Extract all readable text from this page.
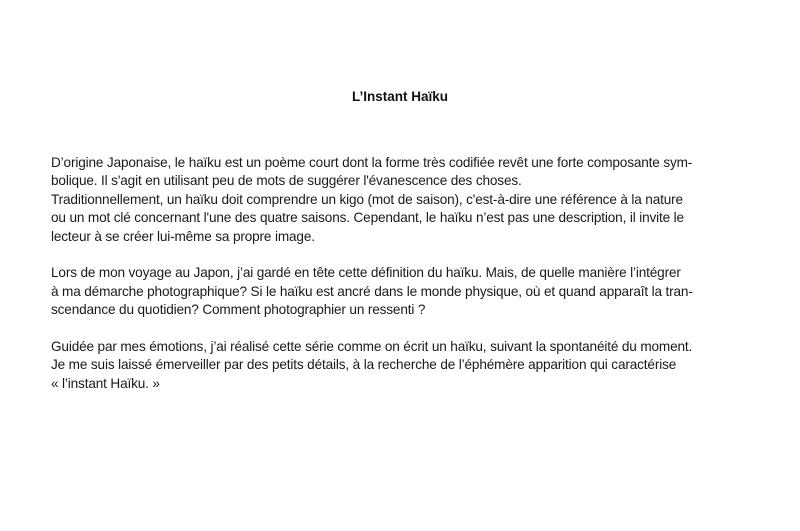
L’Instant Haïku
D’origine Japonaise, le haïku est un poème court dont la forme très codifiée revêt une forte composante sym-
bolique. Il s'agit en utilisant peu de mots de suggérer l'évanescence des choses.
Traditionnellement, un haïku doit comprendre un kigo (mot de saison), c'est-à-dire une référence à la nature
ou un mot clé concernant l'une des quatre saisons. Cependant, le haïku n’est pas une description, il invite le
lecteur à se créer lui-même sa propre image.
Lors de mon voyage au Japon, j’ai gardé en tête cette définition du haïku. Mais, de quelle manière l’intégrer
à ma démarche photographique? Si le haïku est ancré dans le monde physique, où et quand apparaît la tran-
scendance du quotidien? Comment photographier un ressenti ?
Guidée par mes émotions, j’ai réalisé cette série comme on écrit un haïku, suivant la spontanéité du moment.
Je me suis laissé émerveiller par des petits détails, à la recherche de l’éphémère apparition qui caractérise
« l’instant Haïku. »
